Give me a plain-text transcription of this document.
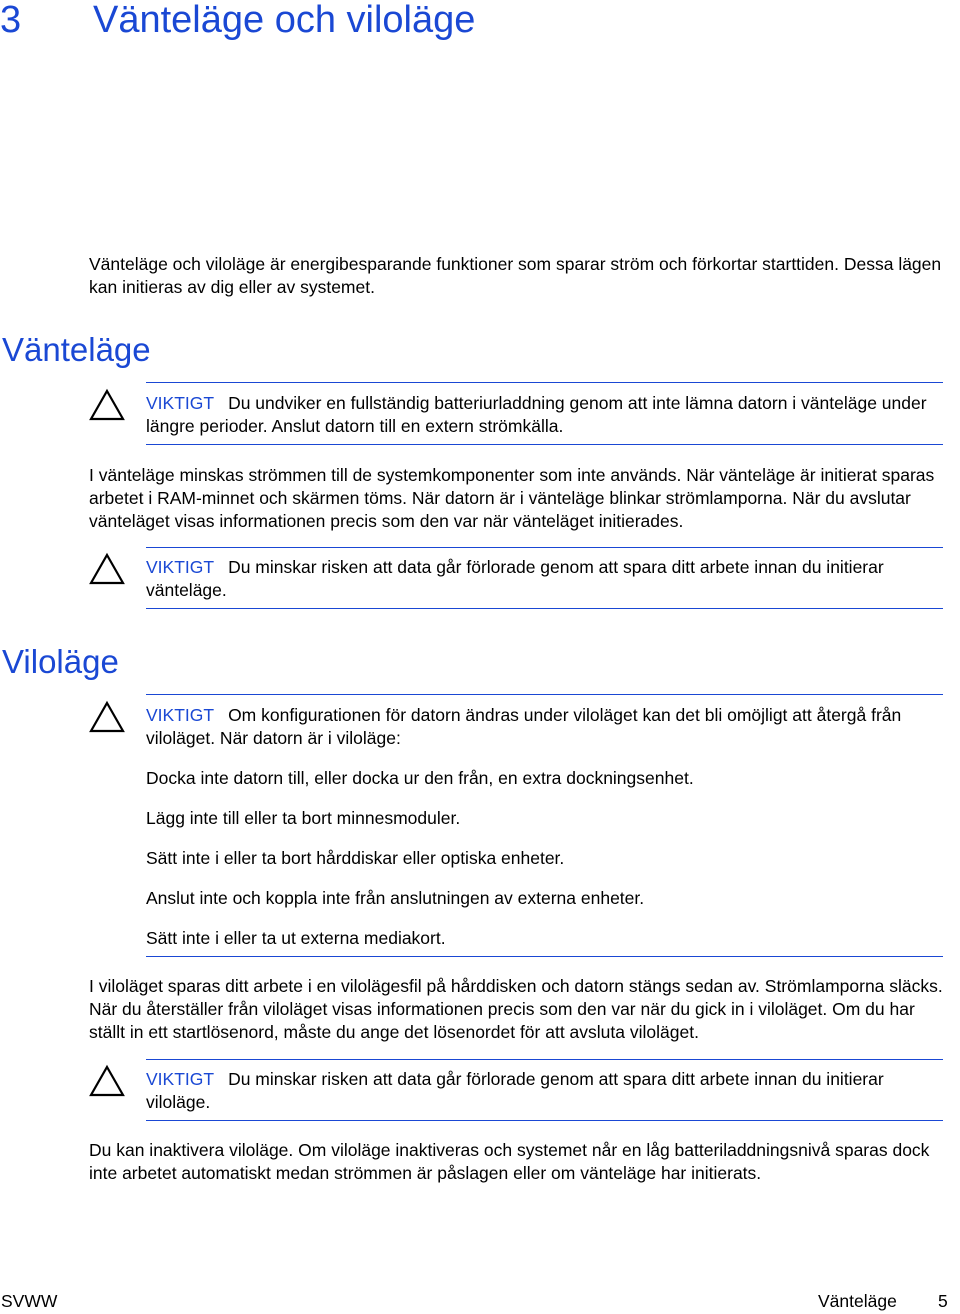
3 Vänteläge och viloläge
Vänteläge och viloläge är energibesparande funktioner som sparar ström och förkortar starttiden. Dessa lägen kan initieras av dig eller av systemet.
Vänteläge
VIKTIGT Du undviker en fullständig batteriurladdning genom att inte lämna datorn i vänteläge under längre perioder. Anslut datorn till en extern strömkälla.
I vänteläge minskas strömmen till de systemkomponenter som inte används. När vänteläge är initierat sparas arbetet i RAM-minnet och skärmen töms. När datorn är i vänteläge blinkar strömlamporna. När du avslutar vänteläget visas informationen precis som den var när vänteläget initierades.
VIKTIGT Du minskar risken att data går förlorade genom att spara ditt arbete innan du initierar vänteläge.
Viloläge
VIKTIGT Om konfigurationen för datorn ändras under viloläget kan det bli omöjligt att återgå från viloläget. När datorn är i viloläge:
Docka inte datorn till, eller docka ur den från, en extra dockningsenhet.
Lägg inte till eller ta bort minnesmoduler.
Sätt inte i eller ta bort hårddiskar eller optiska enheter.
Anslut inte och koppla inte från anslutningen av externa enheter.
Sätt inte i eller ta ut externa mediakort.
I viloläget sparas ditt arbete i en vilolägesfil på hårddisken och datorn stängs sedan av. Strömlamporna släcks. När du återställer från viloläget visas informationen precis som den var när du gick in i viloläget. Om du har ställt in ett startlösenord, måste du ange det lösenordet för att avsluta viloläget.
VIKTIGT Du minskar risken att data går förlorade genom att spara ditt arbete innan du initierar viloläge.
Du kan inaktivera viloläge. Om viloläge inaktiveras och systemet når en låg batteriladdningsnivå sparas dock inte arbetet automatiskt medan strömmen är påslagen eller om vänteläge har initierats.
SVWW	Vänteläge 5
